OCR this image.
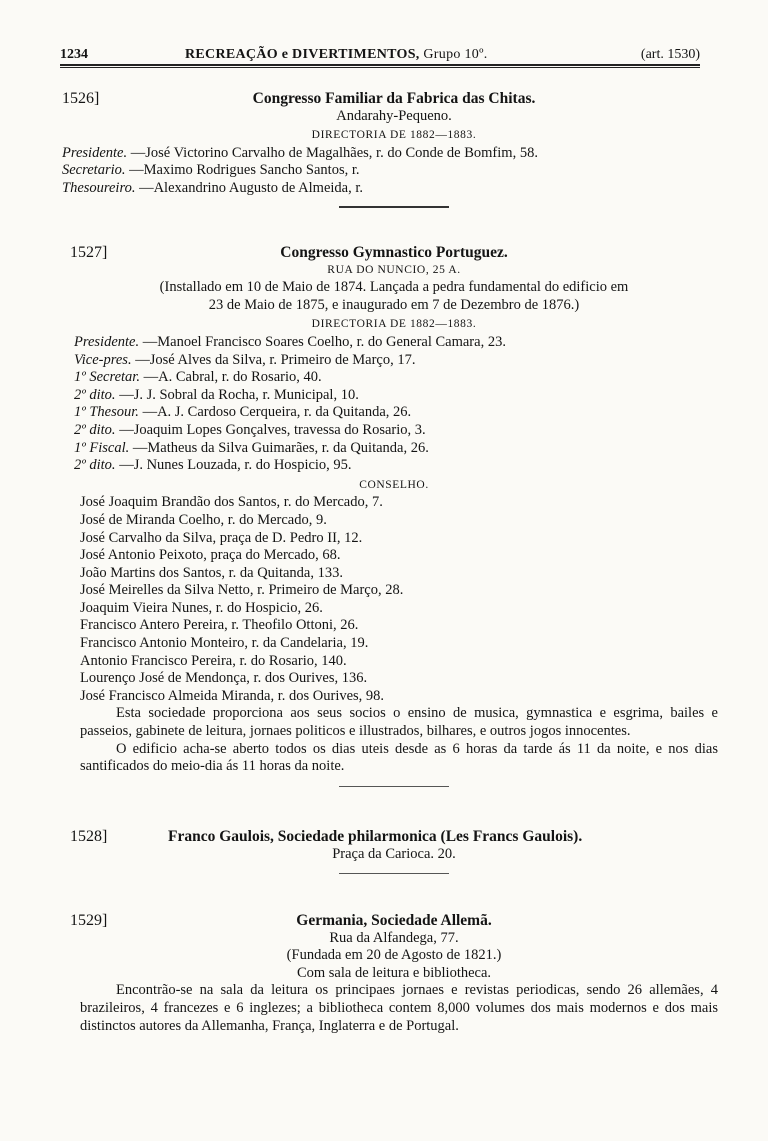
1234	RECREAÇÃO e DIVERTIMENTOS, Grupo 10º.	(art. 1530)
1526]	Congresso Familiar da Fabrica das Chitas.
Andarahy-Pequeno.
DIRECTORIA DE 1882—1883.
Presidente. —José Victorino Carvalho de Magalhães, r. do Conde de Bomfim, 58.
Secretario. —Maximo Rodrigues Sancho Santos, r.
Thesoureiro. —Alexandrino Augusto de Almeida, r.
1527]	Congresso Gymnastico Portuguez.
RUA DO NUNCIO, 25 A.
(Installado em 10 de Maio de 1874. Lançada a pedra fundamental do edificio em
23 de Maio de 1875, e inaugurado em 7 de Dezembro de 1876.)
DIRECTORIA DE 1882—1883.
Presidente. —Manoel Francisco Soares Coelho, r. do General Camara, 23.
Vice-pres. —José Alves da Silva, r. Primeiro de Março, 17.
1º Secretar. —A. Cabral, r. do Rosario, 40.
2º dito. —J. J. Sobral da Rocha, r. Municipal, 10.
1º Thesour. —A. J. Cardoso Cerqueira, r. da Quitanda, 26.
2º dito. —Joaquim Lopes Gonçalves, travessa do Rosario, 3.
1º Fiscal. —Matheus da Silva Guimarães, r. da Quitanda, 26.
2º dito. —J. Nunes Louzada, r. do Hospicio, 95.
CONSELHO.
José Joaquim Brandão dos Santos, r. do Mercado, 7.
José de Miranda Coelho, r. do Mercado, 9.
José Carvalho da Silva, praça de D. Pedro II, 12.
José Antonio Peixoto, praça do Mercado, 68.
João Martins dos Santos, r. da Quitanda, 133.
José Meirelles da Silva Netto, r. Primeiro de Março, 28.
Joaquim Vieira Nunes, r. do Hospicio, 26.
Francisco Antero Pereira, r. Theofilo Ottoni, 26.
Francisco Antonio Monteiro, r. da Candelaria, 19.
Antonio Francisco Pereira, r. do Rosario, 140.
Lourenço José de Mendonça, r. dos Ourives, 136.
José Francisco Almeida Miranda, r. dos Ourives, 98.
Esta sociedade proporciona aos seus socios o ensino de musica, gymnastica e esgrima, bailes e passeios, gabinete de leitura, jornaes politicos e illustrados, bilhares, e outros jogos innocentes.
O edificio acha-se aberto todos os dias uteis desde as 6 horas da tarde ás 11 da noite, e nos dias santificados do meio-dia ás 11 horas da noite.
1528]	Franco Gaulois, Sociedade philarmonica (Les Francs Gaulois).
Praça da Carioca. 20.
1529]	Germania, Sociedade Allemã.
Rua da Alfandega, 77.
(Fundada em 20 de Agosto de 1821.)
Com sala de leitura e bibliotheca.
Encontrão-se na sala da leitura os principaes jornaes e revistas periodicas, sendo 26 allemães, 4 brazileiros, 4 francezes e 6 inglezes; a bibliotheca contem 8,000 volumes dos mais modernos e dos mais distinctos autores da Allemanha, França, Inglaterra e de Portugal.
